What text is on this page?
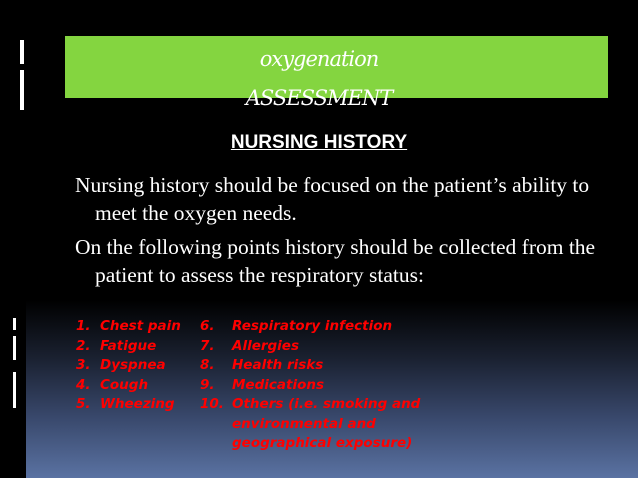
oxygenation
ASSESSMENT
NURSING HISTORY
Nursing history should be focused on the patient’s ability to meet the oxygen needs.
On the following points history should be collected from the patient to assess the respiratory status:
1. Chest pain
2. Fatigue
3. Dyspnea
4. Cough
5. Wheezing
6.	Respiratory infection
7.	Allergies
8.	Health risks
9.	Medications
10. Others (i.e. smoking and environmental and geographical exposure)
